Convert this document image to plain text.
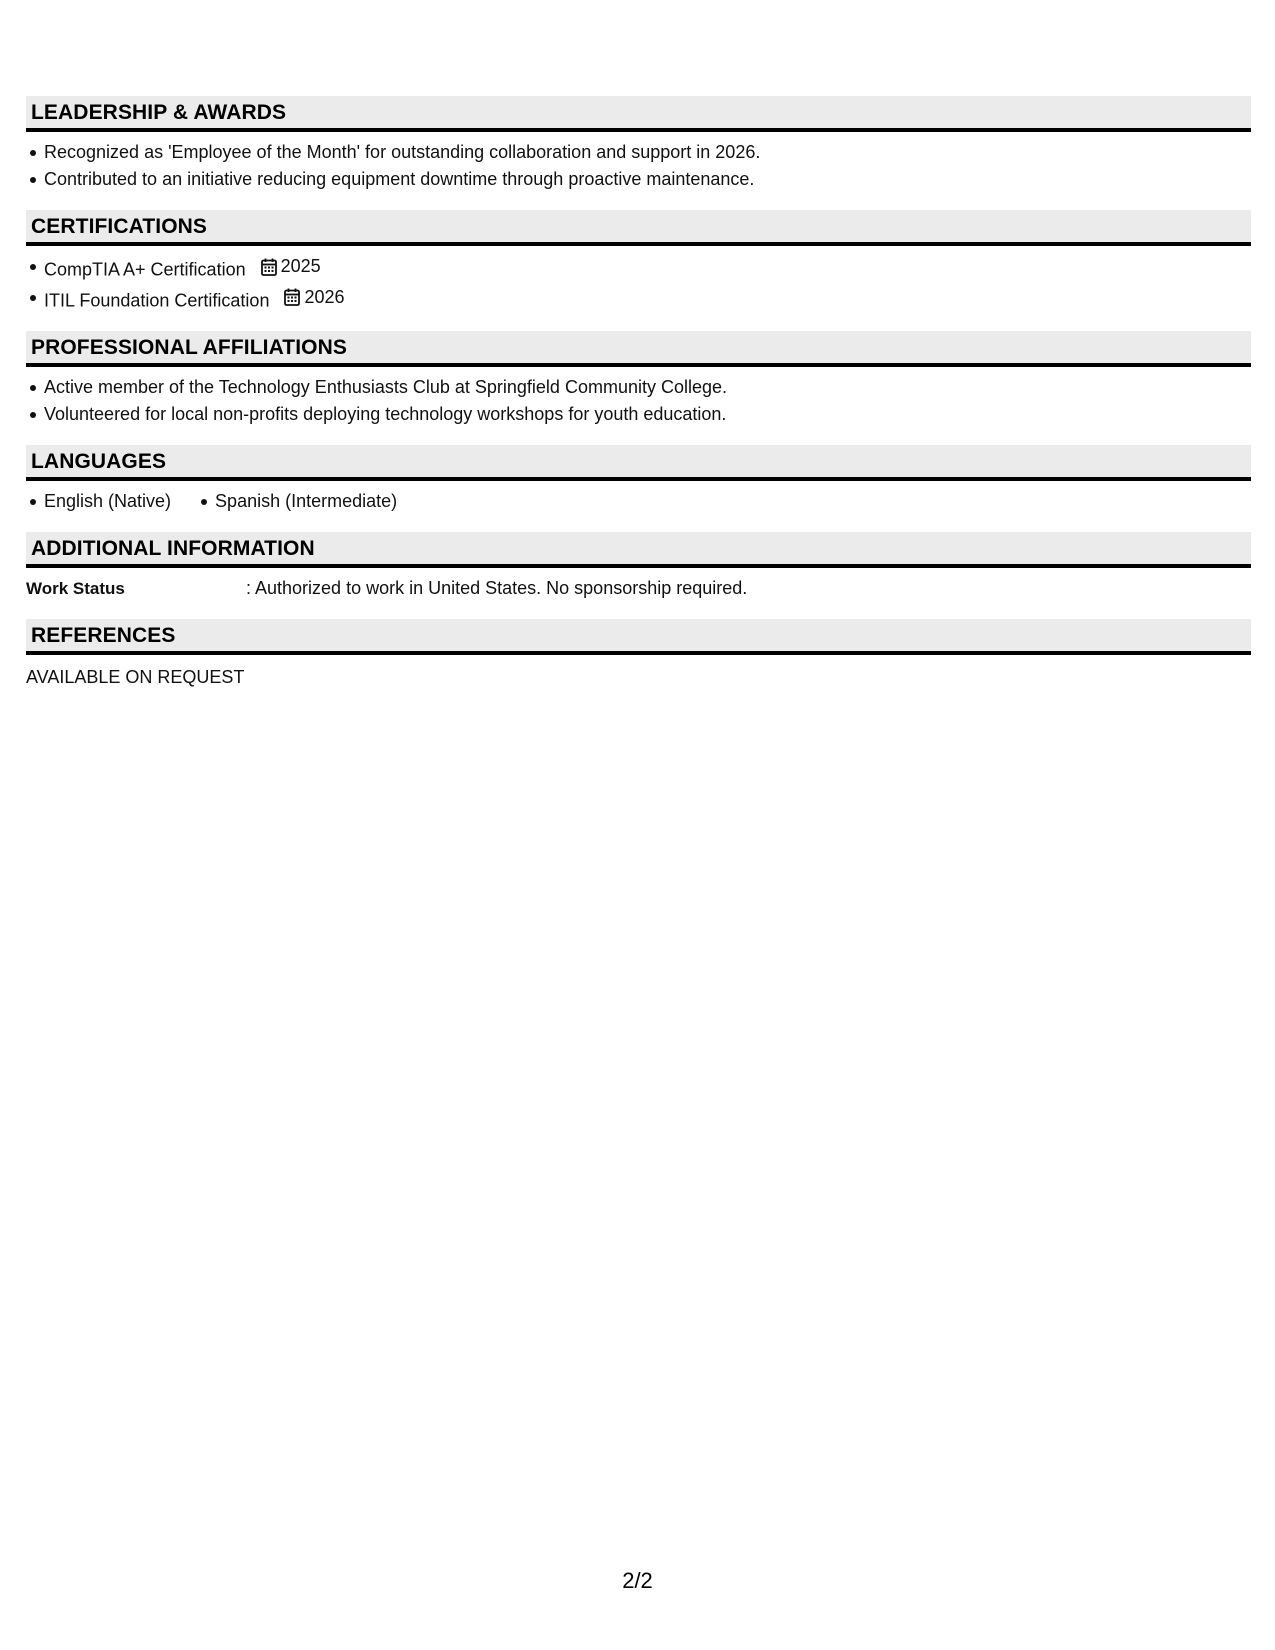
LEADERSHIP & AWARDS
Recognized as 'Employee of the Month' for outstanding collaboration and support in 2026.
Contributed to an initiative reducing equipment downtime through proactive maintenance.
CERTIFICATIONS
CompTIA A+ Certification 2025
ITIL Foundation Certification 2026
PROFESSIONAL AFFILIATIONS
Active member of the Technology Enthusiasts Club at Springfield Community College.
Volunteered for local non-profits deploying technology workshops for youth education.
LANGUAGES
English (Native) Spanish (Intermediate)
ADDITIONAL INFORMATION
Work Status	: Authorized to work in United States. No sponsorship required.
REFERENCES
AVAILABLE ON REQUEST
2/2
